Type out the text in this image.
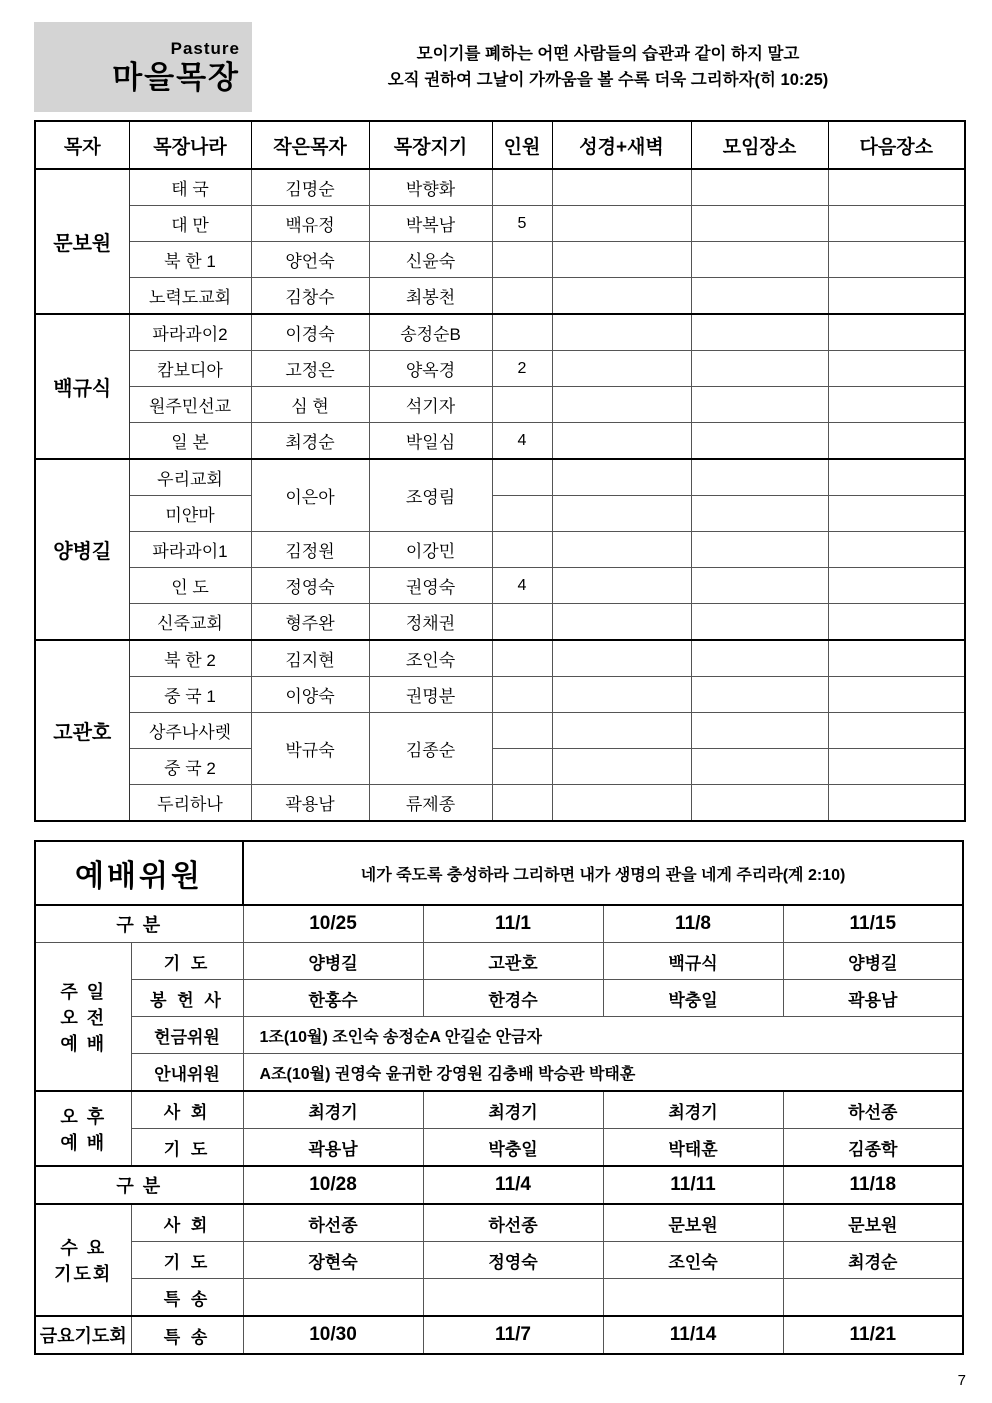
Pasture
마을목장
모이기를 폐하는 어떤 사람들의 습관과 같이 하지 말고
오직 권하여 그날이 가까움을 볼 수록 더욱 그리하자(히 10:25)
목자	목장나라	작은목자	목장지기	인원	성경+새벽	모임장소	다음장소
문보원	태 국	김명순	박향화				
	대 만	백유정	박복남	5			
	북 한 1	양언숙	신윤숙				
	노력도교회	김창수	최봉천				
백규식	파라과이2	이경숙	송정순B				
	캄보디아	고정은	양옥경	2			
	원주민선교	심 현	석기자				
	일 본	최경순	박일심	4			
양병길	우리교회	이은아	조영림				
	미얀마						
	파라과이1	김정원	이강민				
	인 도	정영숙	권영숙	4			
	신죽교회	형주완	정채권				
고관호	북 한 2	김지현	조인숙				
	중 국 1	이양숙	권명분				
	상주나사렛	박규숙	김종순				
	중 국 2						
	두리하나	곽용남	류제종				
예배위원		네가 죽도록 충성하라 그리하면 내가 생명의 관을 네게 주리라(계 2:10)			
구 분		10/25	11/1	11/8	11/15

주 일
오 전
예 배	기 도	양병길	고관호	백규식	양병길
	봉 헌 사	한홍수	한경수	박충일	곽용남
	헌금위원	1조(10월) 조인숙 송정순A 안길순 안금자			
	안내위원	A조(10월) 권영숙 윤귀한 강영원 김충배 박승관 박태훈			

오 후
예 배	사 회	최경기	최경기	최경기	하선종
	기 도	곽용남	박충일	박태훈	김종학
구 분		10/28	11/4	11/11	11/18

수 요
기도회	사 회	하선종	하선종	문보원	문보원
	기 도	장현숙	정영숙	조인숙	최경순
	특 송				
금요기도회	특 송	10/30	11/7	11/14	11/21
7
